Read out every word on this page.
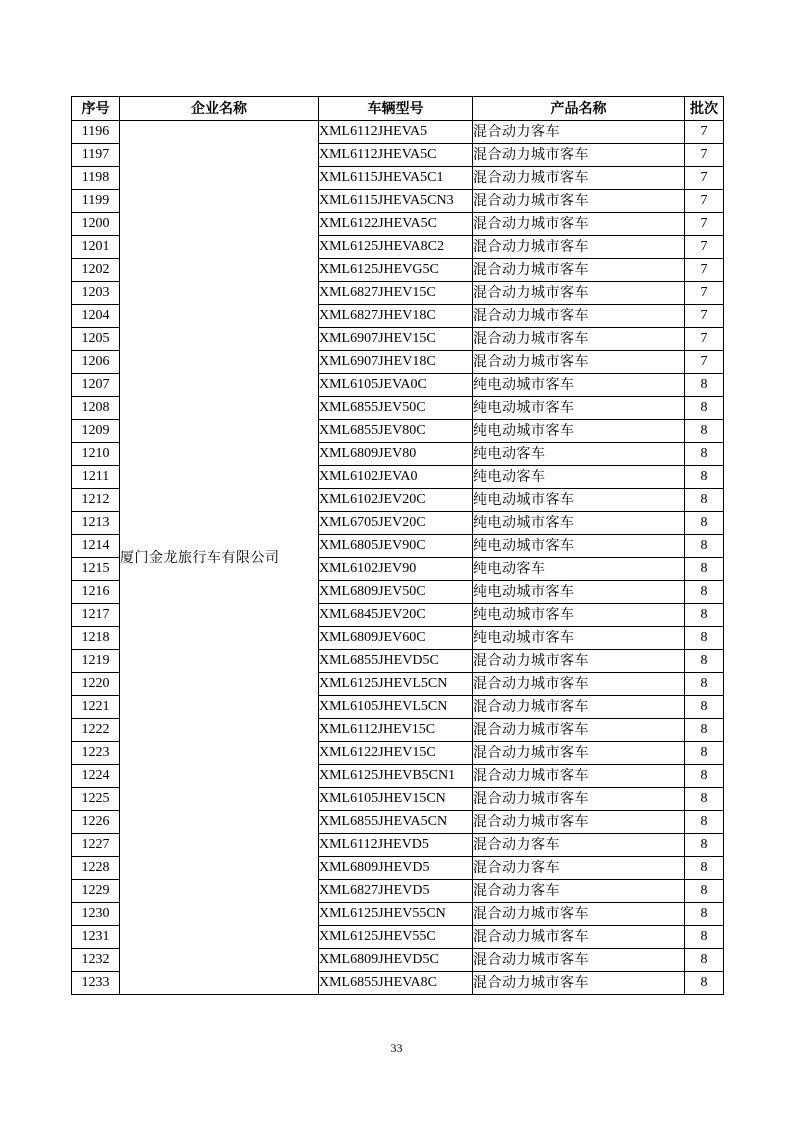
序号	企业名称	车辆型号	产品名称	批次
1196	厦门金龙旅行车有限公司	XML6112JHEVA5	混合动力客车	7
1197		XML6112JHEVA5C	混合动力城市客车	7
1198		XML6115JHEVA5C1	混合动力城市客车	7
1199		XML6115JHEVA5CN3	混合动力城市客车	7
1200		XML6122JHEVA5C	混合动力城市客车	7
1201		XML6125JHEVA8C2	混合动力城市客车	7
1202		XML6125JHEVG5C	混合动力城市客车	7
1203		XML6827JHEV15C	混合动力城市客车	7
1204		XML6827JHEV18C	混合动力城市客车	7
1205		XML6907JHEV15C	混合动力城市客车	7
1206		XML6907JHEV18C	混合动力城市客车	7
1207		XML6105JEVA0C	纯电动城市客车	8
1208		XML6855JEV50C	纯电动城市客车	8
1209		XML6855JEV80C	纯电动城市客车	8
1210		XML6809JEV80	纯电动客车	8
1211		XML6102JEVA0	纯电动客车	8
1212		XML6102JEV20C	纯电动城市客车	8
1213		XML6705JEV20C	纯电动城市客车	8
1214		XML6805JEV90C	纯电动城市客车	8
1215		XML6102JEV90	纯电动客车	8
1216		XML6809JEV50C	纯电动城市客车	8
1217		XML6845JEV20C	纯电动城市客车	8
1218		XML6809JEV60C	纯电动城市客车	8
1219		XML6855JHEVD5C	混合动力城市客车	8
1220		XML6125JHEVL5CN	混合动力城市客车	8
1221		XML6105JHEVL5CN	混合动力城市客车	8
1222		XML6112JHEV15C	混合动力城市客车	8
1223		XML6122JHEV15C	混合动力城市客车	8
1224		XML6125JHEVB5CN1	混合动力城市客车	8
1225		XML6105JHEV15CN	混合动力城市客车	8
1226		XML6855JHEVA5CN	混合动力城市客车	8
1227		XML6112JHEVD5	混合动力客车	8
1228		XML6809JHEVD5	混合动力客车	8
1229		XML6827JHEVD5	混合动力客车	8
1230		XML6125JHEV55CN	混合动力城市客车	8
1231		XML6125JHEV55C	混合动力城市客车	8
1232		XML6809JHEVD5C	混合动力城市客车	8
1233		XML6855JHEVA8C	混合动力城市客车	8
33
